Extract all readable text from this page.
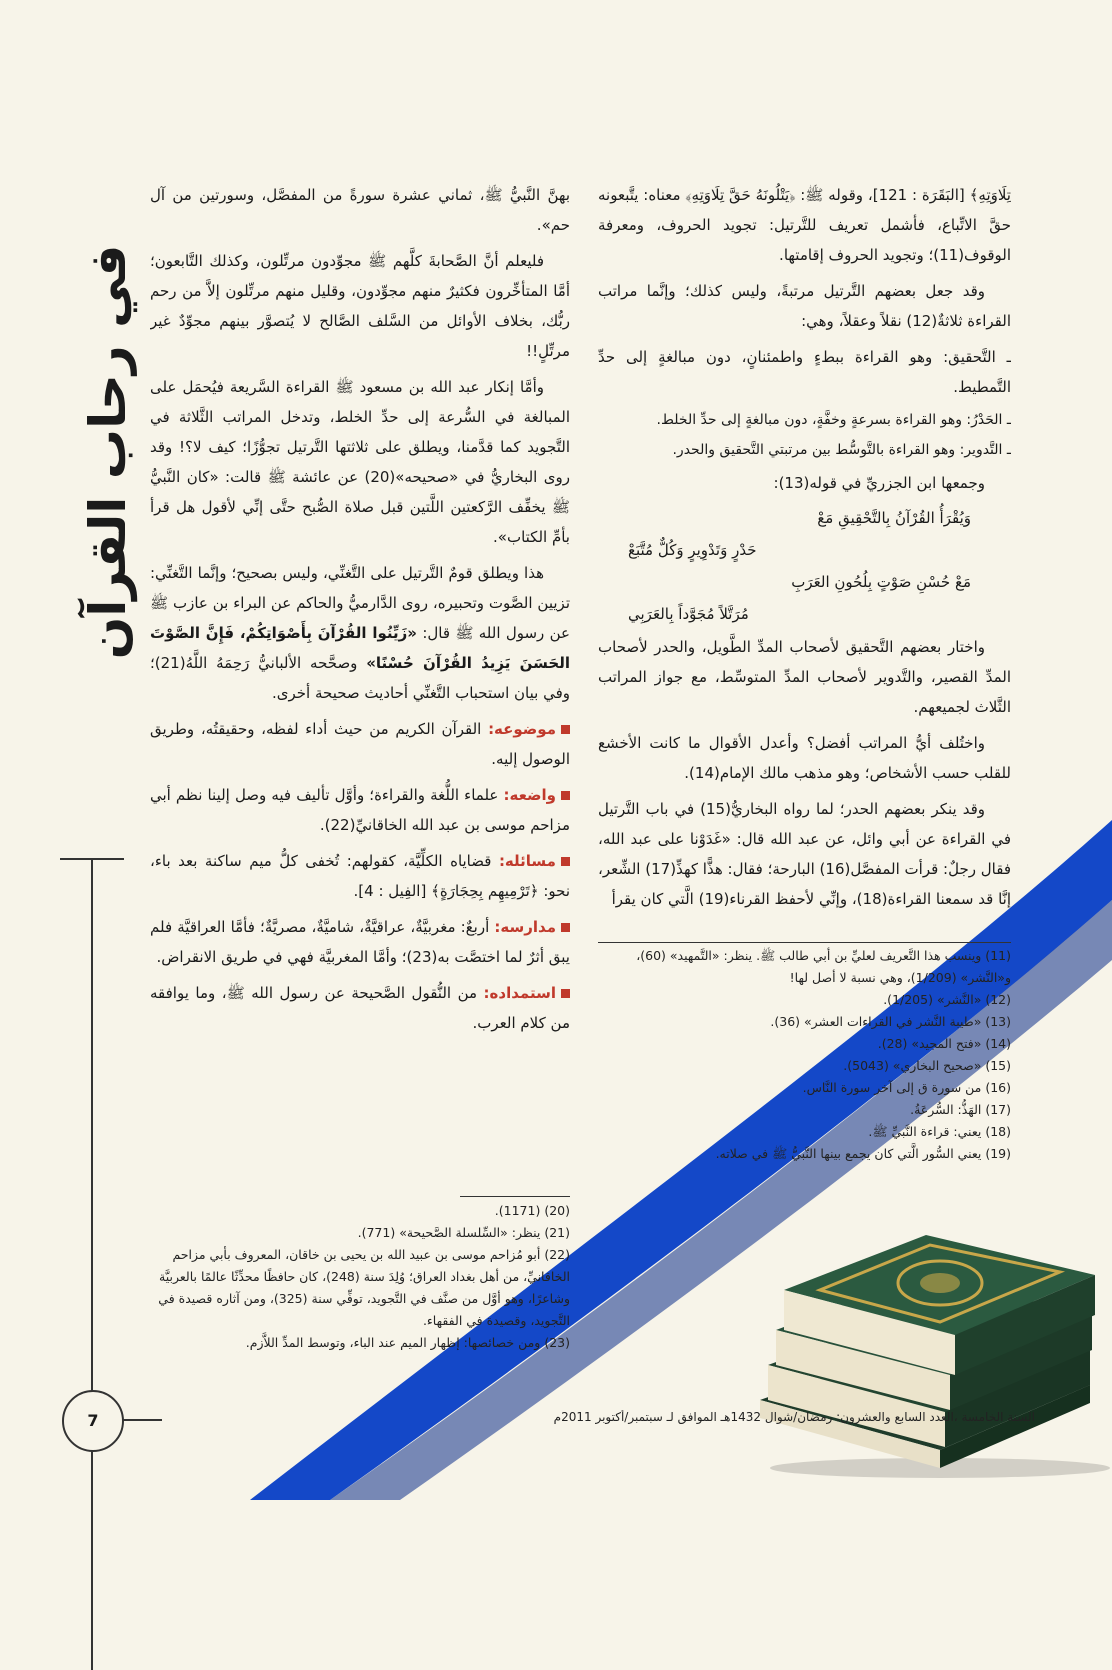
في رحاب القرآن
7	السنة الخامسة ،العدد السابع والعشرون: رمضان/شوال 1432هـ الموافق لـ سبتمبر/أكتوبر 2011م

تِلَاوَتِهِ﴾ [البَقَرَة : 121]، وقوله ﷺ: ﴿يَتْلُونَهُ حَقَّ تِلَاوَتِهِ﴾ معناه: يتَّبعونه حقَّ الاتِّباع، فأشمل تعريف للتَّرتيل: تجويد الحروف، ومعرفة الوقوف(11)؛ وتجويد الحروف إقامتها.

وقد جعل بعضهم التَّرتيل مرتبةً، وليس كذلك؛ وإنَّما مراتب القراءة ثلاثةٌ(12) نقلاً وعقلاً، وهي:

ـ التَّحقيق: وهو القراءة ببطءٍ واطمئنانٍ، دون مبالغةٍ إلى حدِّ التَّمطيط.

ـ الحَدْرُ: وهو القراءة بسرعةٍ وخفَّةٍ، دون مبالغةٍ إلى حدِّ الخلط.

ـ التَّدوير: وهو القراءة بالتَّوسُّط بين مرتبتي التَّحقيق والحدر.

وجمعها ابن الجزريِّ في قوله(13):

وَيُقْرَأُ القُرْآنُ بِالتَّحْقِيقِ مَعْ
حَدْرٍ وَتَدْوِيرٍ وَكُلٌّ مُتَّبَعْ
مَعْ حُسْنِ صَوْتٍ بِلُحُونِ العَرَبِ
مُرَتَّلاً مُجَوَّداً بِالعَرَبِي

واختار بعضهم التَّحقيق لأصحاب المدِّ الطَّويل، والحدر لأصحاب المدِّ القصير، والتَّدوير لأصحاب المدِّ المتوسِّط، مع جواز المراتب الثَّلاث لجميعهم.

واختُلف أيُّ المراتب أفضل؟ وأعدل الأقوال ما كانت الأخشع للقلب حسب الأشخاص؛ وهو مذهب مالك الإمام(14).

وقد ينكر بعضهم الحدر؛ لما رواه البخاريُّ(15) في باب التَّرتيل في القراءة عن أبي وائل، عن عبد الله قال: «غَدَوْنا على عبد الله، فقال رجلٌ: قرأت المفصَّل(16) البارحة؛ فقال: هذًّا كهذِّ(17) الشِّعر، إنَّا قد سمعنا القراءة(18)، وإنِّي لأحفظ القرناء(19) الَّتي كان يقرأ

(11) وينسب هذا التَّعريف لعليِّ بن أبي طالب ﷺ. ينظر: «التَّمهيد» (60)، و«النَّشر» (1/209)، وهي نسبة لا أصل لها!
(12) «النَّشر» (1/205).
(13) «طيبة النَّشر في القراءات العشر» (36).
(14) «فتح المجيد» (28).
(15) «صحيح البخاري» (5043).
(16) من سورة ق إلى آخر سورة النَّاس.
(17) الهَذُّ: السُّرعَةُ.
(18) يعني: قراءة النَّبيِّ ﷺ.
(19) يعني السُّور الَّتي كان يجمع بينها النَّبيُّ ﷺ في صلاته.

بهنَّ النَّبيُّ ﷺ، ثماني عشرة سورةً من المفصَّل، وسورتين من آل حم».

فليعلم أنَّ الصَّحابةَ كلَّهم ﷺ مجوِّدون مرتِّلون، وكذلك التَّابعون؛ أمَّا المتأخِّرون فكثيرٌ منهم مجوِّدون، وقليل منهم مرتِّلون إلاَّ من رحم ربُّك، بخلاف الأوائل من السَّلف الصَّالح لا يُتصوَّر بينهم مجوِّدٌ غير مرتِّلٍ!!

وأمَّا إنكار عبد الله بن مسعود ﷺ القراءة السَّريعة فيُحمَل على المبالغة في السُّرعة إلى حدِّ الخلط، وتدخل المراتب الثَّلاثة في التَّجويد كما قدَّمنا، ويطلق على ثلاثتها التَّرتيل تجوُّزًا؛ كيف لا؟! وقد روى البخاريُّ في «صحيحه»(20) عن عائشة ﷺ قالت: «كان النَّبيُّ ﷺ يخفِّف الرَّكعتين اللَّتين قبل صلاة الصُّبح حتَّى إنِّي لأقول هل قرأ بأمِّ الكتاب».

هذا ويطلق قومٌ التَّرتيل على التَّغنِّي، وليس بصحيح؛ وإنَّما التَّغنِّي: تزيين الصَّوت وتحبيره، روى الدَّارميُّ والحاكم عن البراء بن عازب ﷺ عن رسول الله ﷺ قال: «زَيِّنُوا القُرْآنَ بِأَصْوَاتِكُمْ، فَإِنَّ الصَّوْتَ الحَسَنَ يَزِيدُ القُرْآنَ حُسْنًا» وصحَّحه الألبانيُّ رَحِمَهُ اللَّهُ(21)؛ وفي بيان استحباب التَّغنِّي أحاديث صحيحة أخرى.

موضوعه: القرآن الكريم من حيث أداء لفظه، وحقيقتُه، وطريق الوصول إليه.

واضعه: علماء اللُّغة والقراءة؛ وأوَّل تأليف فيه وصل إلينا نظم أبي مزاحم موسى بن عبد الله الخاقانيِّ(22).

مسائله: قضاياه الكلِّيَّة، كقولهم: تُخفى كلُّ ميم ساكنة بعد باء، نحو: ﴿تَرْمِيهِم بِحِجَارَةٍ﴾ [الفِيل : 4].

مدارسه: أربعٌ: مغربيَّةٌ، عراقيَّةٌ، شاميَّةٌ، مصريَّةٌ؛ فأمَّا العراقيَّة فلم يبق أثرٌ لما اختصَّت به(23)؛ وأمَّا المغربيَّة فهي في طريق الانقراض.

استمداده: من النُّقول الصَّحيحة عن رسول الله ﷺ، وما يوافقه من كلام العرب.

(20) (1171).
(21) ينظر: «السِّلسلة الصَّحيحة» (771).
(22) أبو مُزاحم موسى بن عبيد الله بن يحيى بن خاقان، المعروف بأبي مزاحم الخاقانيِّ، من أهل بغداد العراق؛ وُلِدَ سنة (248)، كان حافظًا محدِّثًا عالمًا بالعربيَّة وشاعرًا، وهو أوَّل من صنَّف في التَّجويد، توفِّي سنة (325)، ومن آثاره قصيدة في التَّجويد، وقصيدة في الفقهاء.
(23) ومن خصائصها: إظهار الميم عند الباء، وتوسط المدِّ اللاَّزم.
